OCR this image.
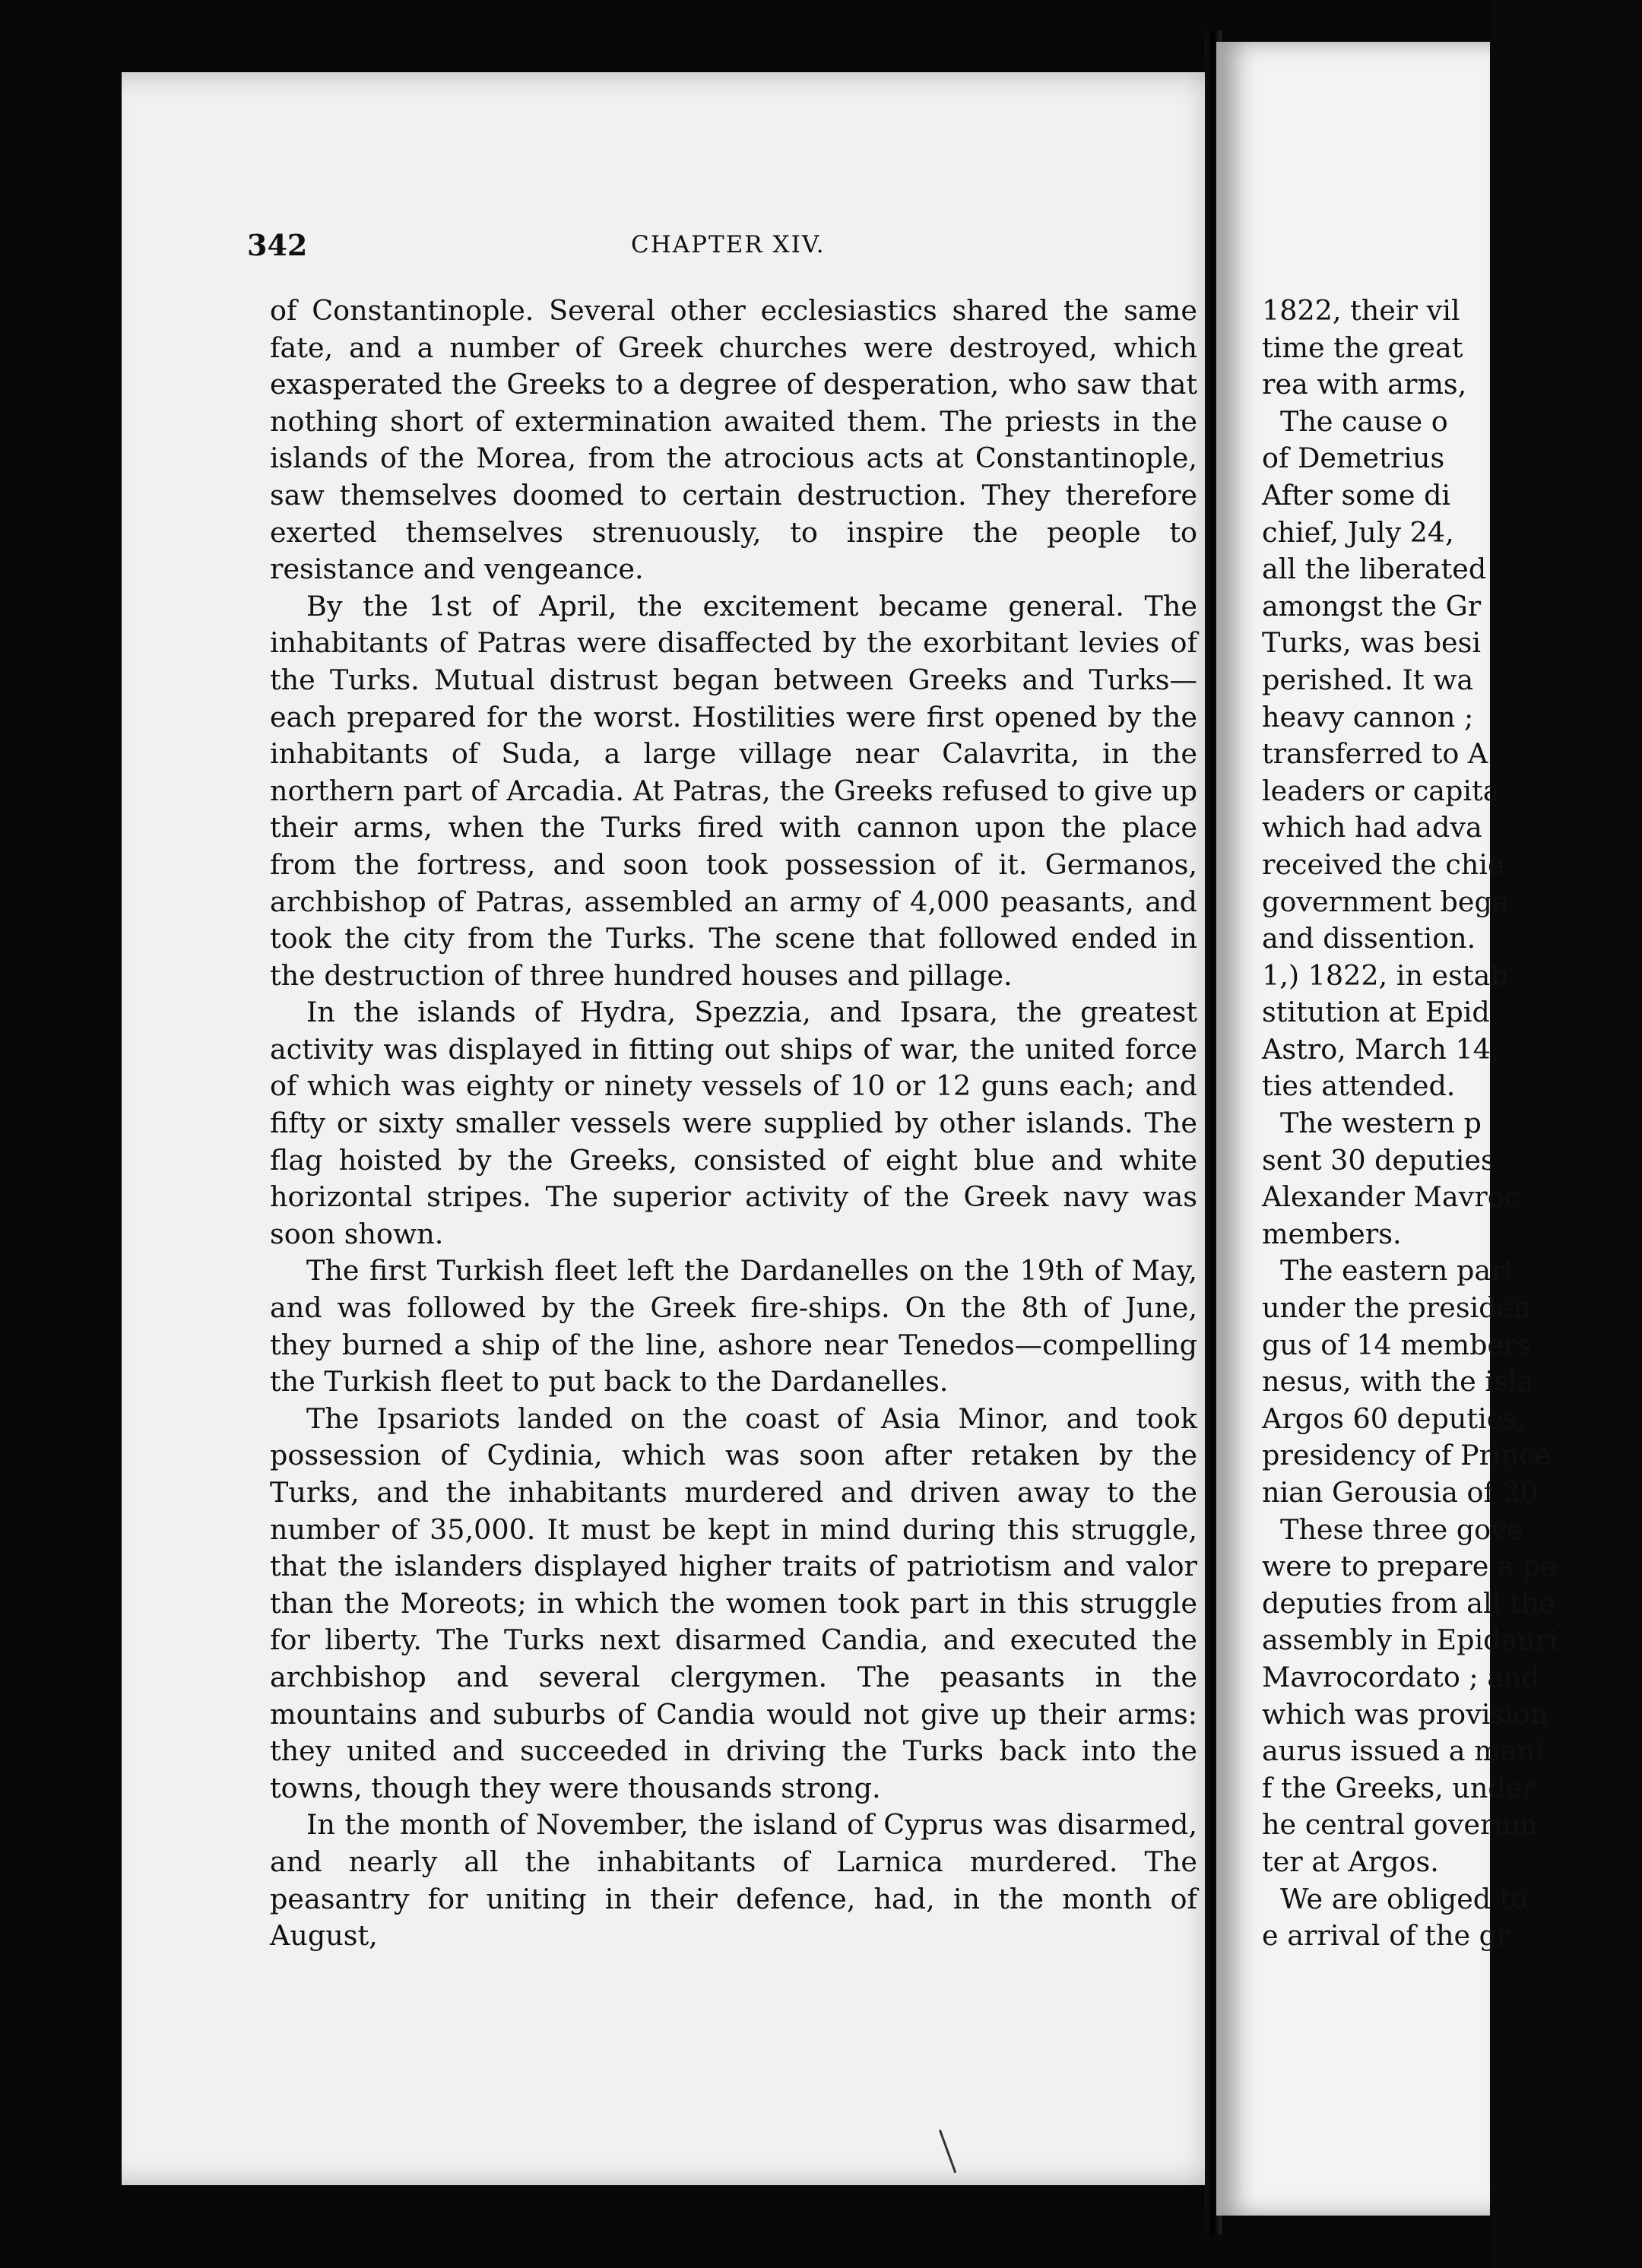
342	CHAPTER XIV.

of Constantinople. Several other ecclesiastics shared the same fate, and a number of Greek churches were destroyed, which exasperated the Greeks to a degree of desperation, who saw that nothing short of extermination awaited them. The priests in the islands of the Morea, from the atrocious acts at Constantinople, saw themselves doomed to certain destruction. They therefore exerted themselves strenuously, to inspire the people to resistance and vengeance.

By the 1st of April, the excitement became general. The inhabitants of Patras were disaffected by the exorbitant levies of the Turks. Mutual distrust began between Greeks and Turks—each prepared for the worst. Hostilities were first opened by the inhabitants of Suda, a large village near Calavrita, in the northern part of Arcadia. At Patras, the Greeks refused to give up their arms, when the Turks fired with cannon upon the place from the fortress, and soon took possession of it. Germanos, archbishop of Patras, assembled an army of 4,000 peasants, and took the city from the Turks. The scene that followed ended in the destruction of three hundred houses and pillage.

In the islands of Hydra, Spezzia, and Ipsara, the greatest activity was displayed in fitting out ships of war, the united force of which was eighty or ninety vessels of 10 or 12 guns each; and fifty or sixty smaller vessels were supplied by other islands. The flag hoisted by the Greeks, consisted of eight blue and white horizontal stripes. The superior activity of the Greek navy was soon shown.

The first Turkish fleet left the Dardanelles on the 19th of May, and was followed by the Greek fire-ships. On the 8th of June, they burned a ship of the line, ashore near Tenedos—compelling the Turkish fleet to put back to the Dardanelles.

The Ipsariots landed on the coast of Asia Minor, and took possession of Cydinia, which was soon after retaken by the Turks, and the inhabitants murdered and driven away to the number of 35,000. It must be kept in mind during this struggle, that the islanders displayed higher traits of patriotism and valor than the Moreots; in which the women took part in this struggle for liberty. The Turks next disarmed Candia, and executed the archbishop and several clergymen. The peasants in the mountains and suburbs of Candia would not give up their arms: they united and succeeded in driving the Turks back into the towns, though they were thousands strong.

In the month of November, the island of Cyprus was disarmed, and nearly all the inhabitants of Larnica murdered. The peasantry for uniting in their defence, had, in the month of August,

1822, their vil
time the great
rea with arms,
The cause o
of Demetrius
After some di
chief, July 24,
all the liberated
amongst the Gr
Turks, was besi
perished. It wa
heavy cannon ;
transferred to A
leaders or capita
which had adva
received the chie
government bega
and dissention.
1,) 1822, in estab
stitution at Epid
Astro, March 14,
ties attended.
The western p
sent 30 deputies
Alexander Mavroc
members.
The eastern part
under the presiden
gus of 14 members
nesus, with the isla
Argos 60 deputies,
presidency of Prince
nian Gerousia of 20
These three gove
were to prepare a pe
deputies from all the
assembly in Epidauri
Mavrocordato ; and
which was provision
aurus issued a mani
f the Greeks, under
he central governm
ter at Argos.
We are obliged to
e arrival of the gr
